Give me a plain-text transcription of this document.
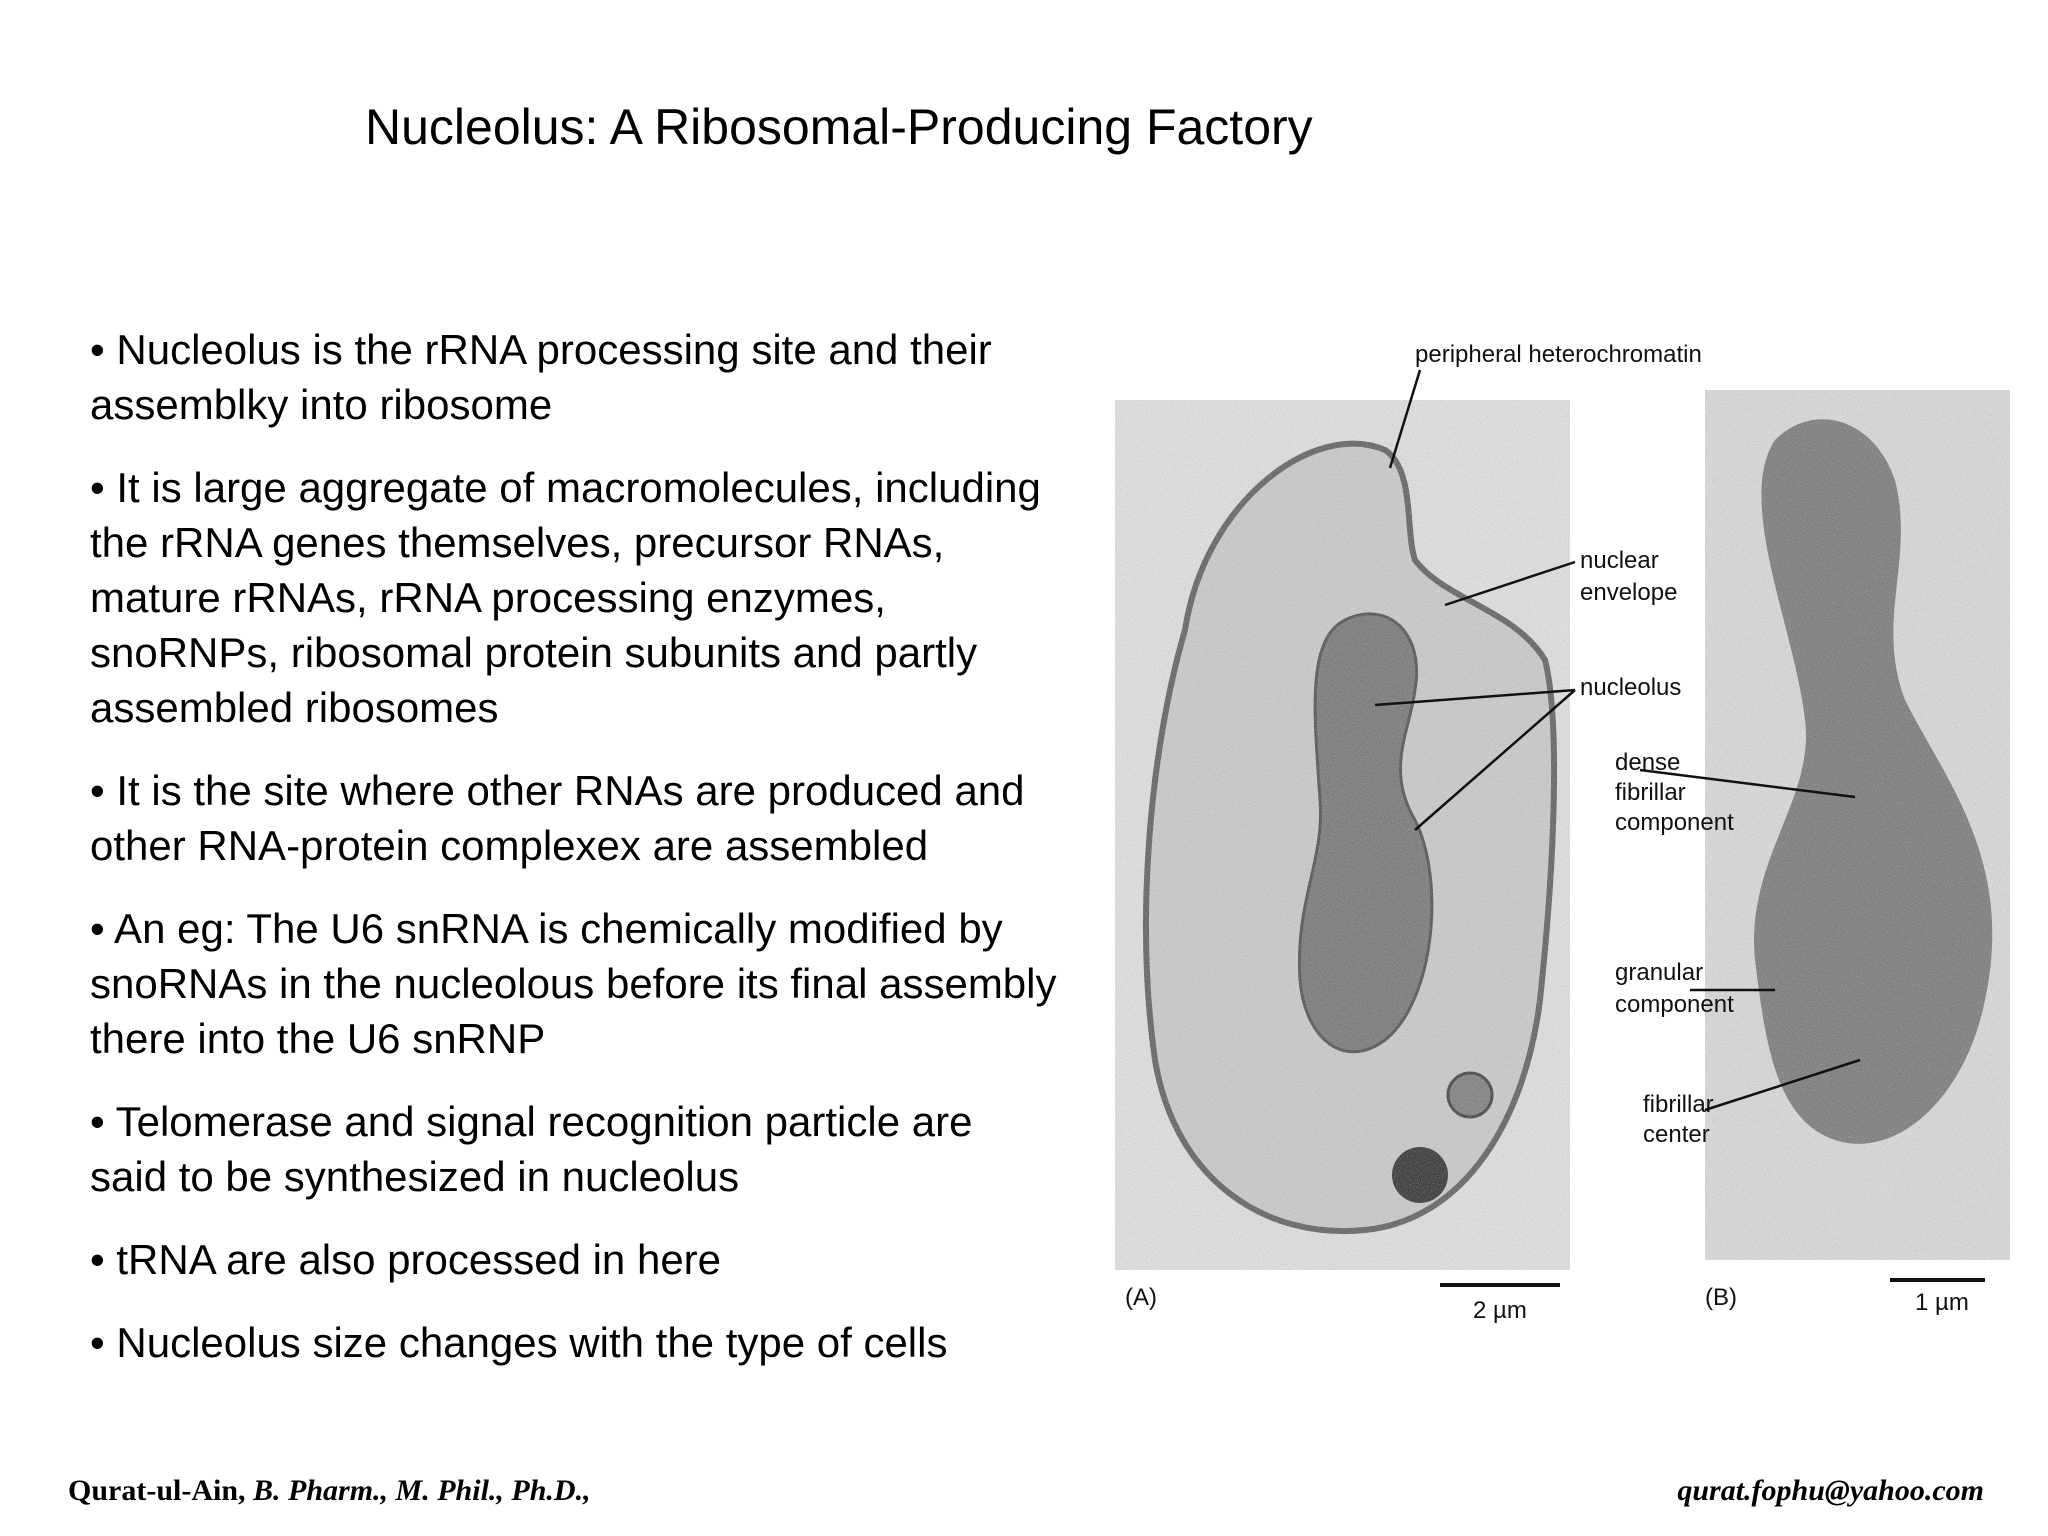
Nucleolus: A Ribosomal-Producing Factory
• Nucleolus is the rRNA processing site and their
assemblky into ribosome
• It is large aggregate of macromolecules, including
the rRNA genes themselves, precursor RNAs,
mature rRNAs, rRNA processing enzymes,
snoRNPs, ribosomal protein subunits and partly
assembled ribosomes
• It is the site where other RNAs are produced and
other RNA-protein complexex are assembled
• An eg: The U6 snRNA is chemically modified by
snoRNAs in the nucleolous before its final assembly
there into the U6 snRNP
• Telomerase and signal recognition particle are
said to be synthesized in nucleolus
• tRNA are also processed in here
• Nucleolus size changes with the type of cells
peripheral heterochromatin
nuclear
envelope
nucleolus
dense
fibrillar
component
granular
component
fibrillar
center
(A)	(B)
2 µm	1 µm
Qurat-ul-Ain, B. Pharm., M. Phil., Ph.D.,	qurat.fophu@yahoo.com
